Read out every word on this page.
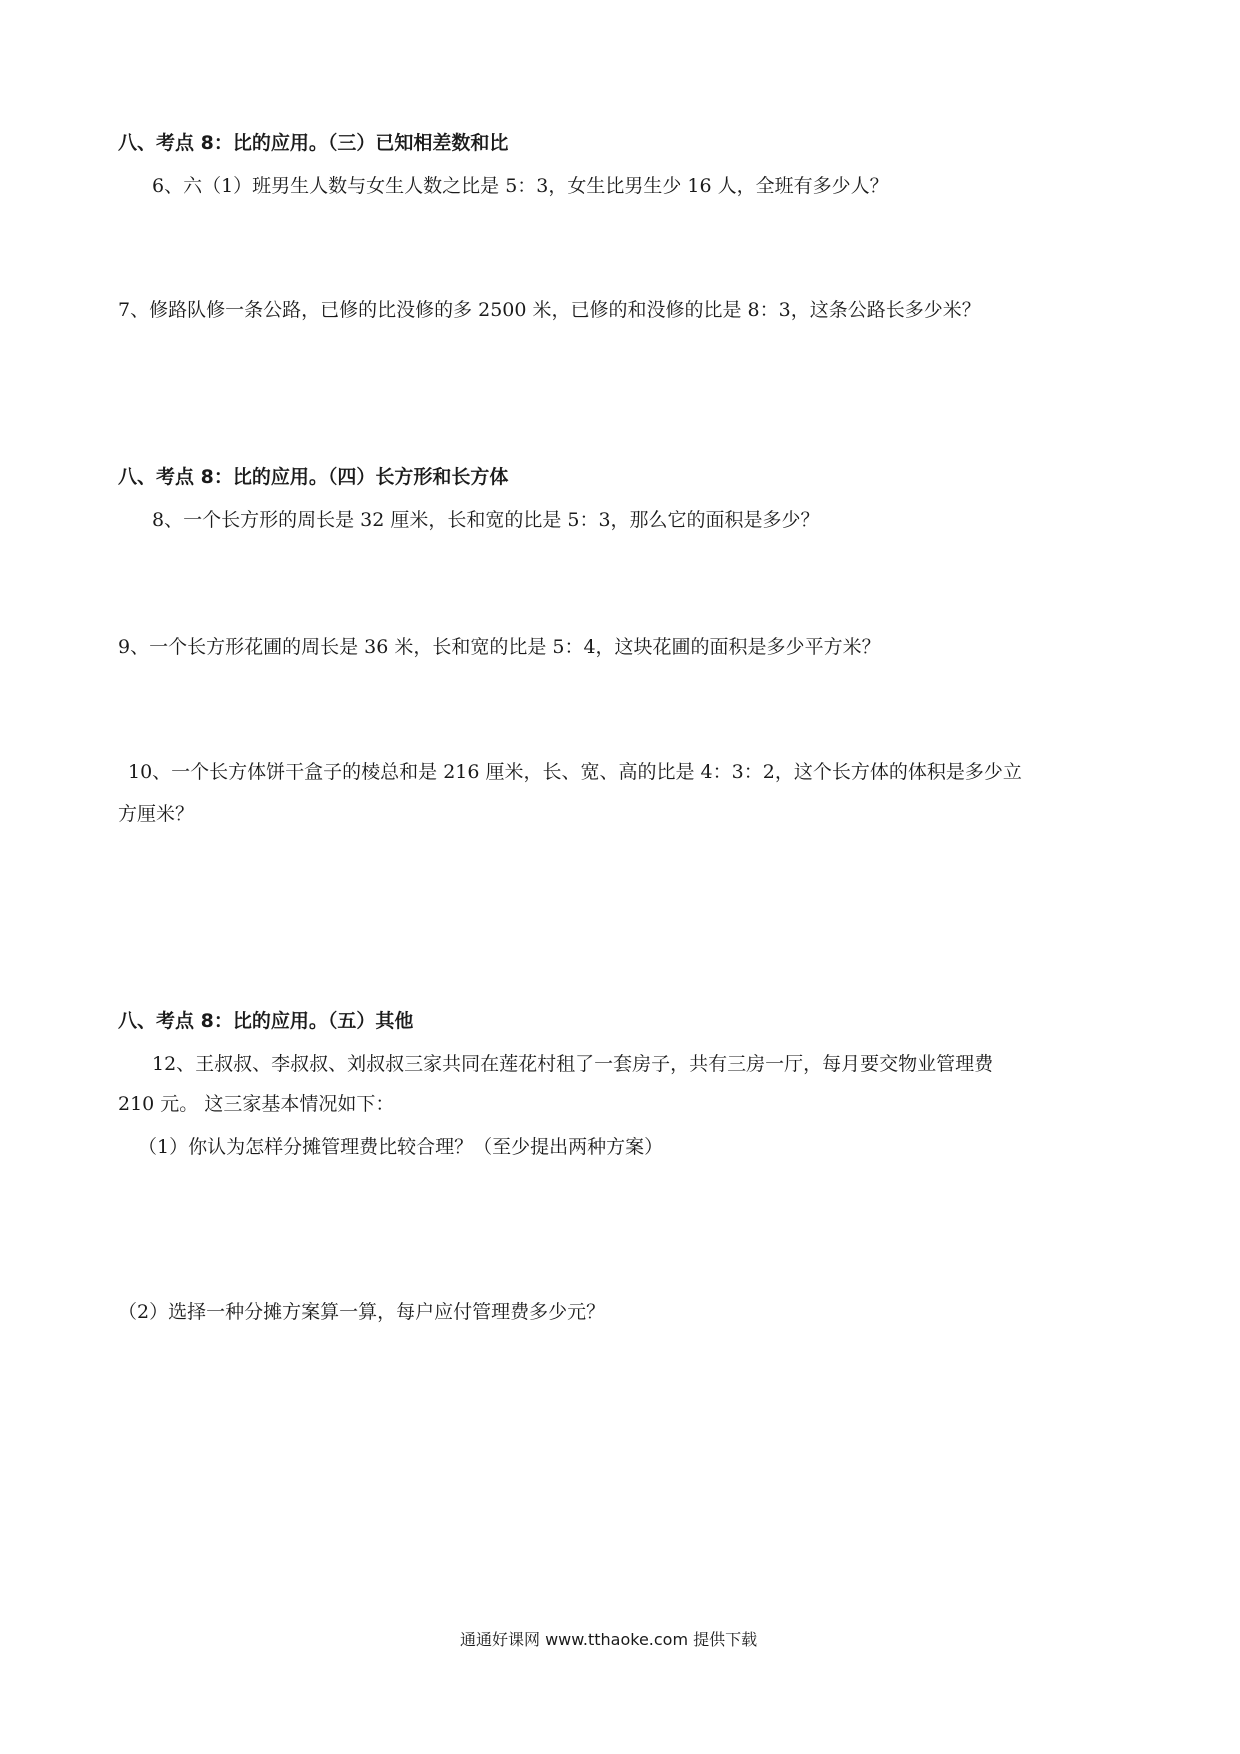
八、考点 8：比的应用。（三）已知相差数和比
6、六（1）班男生人数与女生人数之比是 5：3，女生比男生少 16 人，全班有多少人？
7、修路队修一条公路，已修的比没修的多 2500 米，已修的和没修的比是 8：3，这条公路长多少米？
八、考点 8：比的应用。（四）长方形和长方体
8、一个长方形的周长是 32 厘米，长和宽的比是 5：3，那么它的面积是多少？
9、一个长方形花圃的周长是 36 米，长和宽的比是 5：4，这块花圃的面积是多少平方米？
10、一个长方体饼干盒子的棱总和是 216 厘米，长、宽、高的比是 4：3：2，这个长方体的体积是多少立
方厘米？
八、考点 8：比的应用。（五）其他
12、王叔叔、李叔叔、刘叔叔三家共同在莲花村租了一套房子，共有三房一厅，每月要交物业管理费
210 元。 这三家基本情况如下：
（1）你认为怎样分摊管理费比较合理？（至少提出两种方案）
（2）选择一种分摊方案算一算，每户应付管理费多少元？
通通好课网 www.tthaoke.com 提供下载
